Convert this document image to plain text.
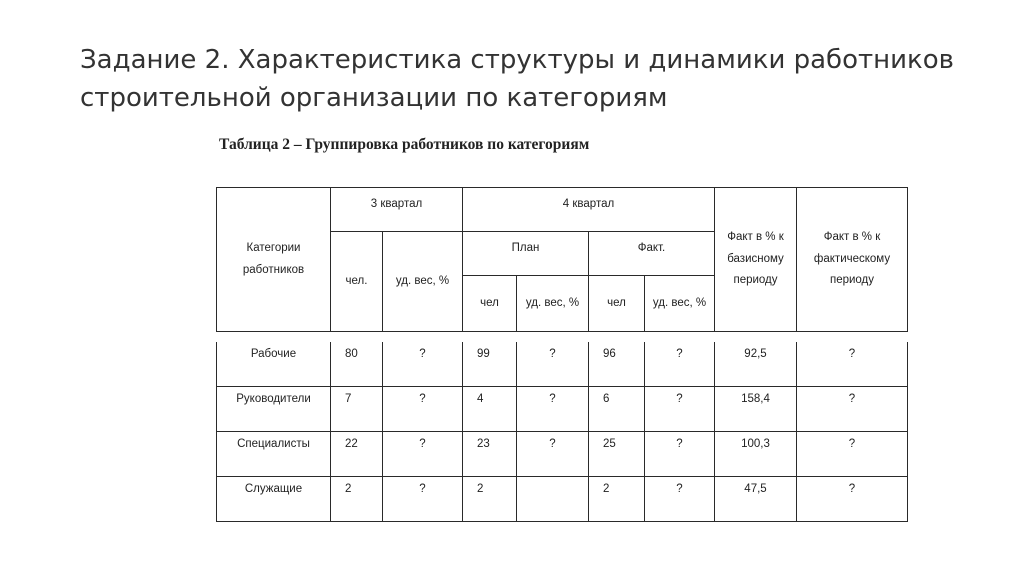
Задание 2. Характеристика структуры и динамики работников строительной организации по категориям
Таблица 2 – Группировка работников по категориям
Категории работников	3 квартал		4 квартал				Факт в % к базисному периоду	Факт в % к фактическому периоду
	чел.	уд. вес, %	План		Факт.			
			чел	уд. вес, %	чел	уд. вес, %		
Рабочие	80	?	99	?	96	?	92,5	?
Руководители	7	?	4	?	6	?	158,4	?
Специалисты	22	?	23	?	25	?	100,3	?
Служащие	2	?	2		2	?	47,5	?
